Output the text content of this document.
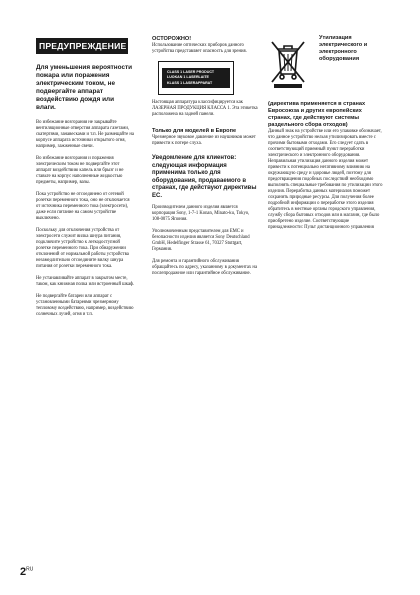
ПРЕДУПРЕЖДЕНИЕ

Для уменьшения вероятности пожара или поражения электрическим током, не подвергайте аппарат воздействию дождя или влаги.

Во избежание возгорания не закрывайте вентиляционные отверстия аппарата газетами, скатертями, занавесками и т.п. Не размещайте на корпусе аппарата источники открытого огня, например, зажженные свечи.

Во избежание возгорания и поражения электрическим током не подвергайте этот аппарат воздействию капель или брызг и не ставьте на корпус наполненные жидкостью предметы, например, вазы.

Пока устройство не отсоединено от сетевой розетки переменного тока, оно не отключается от источника переменного тока (электросети), даже если питание на самом устройстве выключено.

Поскольку для отключения устройства от электросети служит вилка шнура питания, подключите устройство к легкодоступной розетке переменного тока. При обнаружении отклонений от нормальной работы устройства незамедлительно отсоедините вилку шнура питания от розетки переменного тока.

Не устанавливайте аппарат в закрытом месте, таком, как книжная полка или встроенный шкаф.

Не подвергайте батареи или аппарат с установленными батареями чрезмерному тепловому воздействию, например, воздействию солнечных лучей, огня и т.п.

ОСТОРОЖНО!

Использование оптических приборов данного устройства представляет опасность для зрения.

CLASS 1 LASER PRODUCT
LUOKAN 1 LASERLAITE
KLASS 1 LASERAPPARAT

Настоящая аппаратура классифицируется как ЛАЗЕРНАЯ ПРОДУКЦИЯ КЛАССА 1. Эта этикетка расположена на задней панели.

Только для моделей в Европе

Чрезмерное звуковое давление из наушников может привести к потере слуха.

Уведомление для клиентов: следующая информация применима только для оборудования, продаваемого в странах, где действуют директивы ЕС.

Производителем данного изделия является корпорация Sony, 1-7-1 Konan, Minato-ku, Tokyo, 108-0075 Япония.

Уполномоченным представителем для EMC и безопасности изделия является Sony Deutschland GmbH, Hedelfinger Strasse 61, 70327 Stuttgart, Германия.

Для ремонта и гарантийного обслуживания обращайтесь по адресу, указанному в документах на послепродажное или гарантийное обслуживание.

Утилизация электрического и электронного оборудования

(директива применяется в странах Евросоюза и других европейских странах, где действуют системы раздельного сбора отходов)

Данный знак на устройстве или его упаковке обозначает, что данное устройство нельзя утилизировать вместе с прочими бытовыми отходами. Его следует сдать в соответствующий приемный пункт переработки электрического и электронного оборудования. Неправильная утилизация данного изделия может привести к потенциально негативному влиянию на окружающую среду и здоровье людей, поэтому для предотвращения подобных последствий необходимо выполнять специальные требования по утилизации этого изделия. Переработка данных материалов поможет сохранить природные ресурсы. Для получения более подробной информации о переработке этого изделия обратитесь в местные органы городского управления, службу сбора бытовых отходов или в магазин, где было приобретено изделие. Соответствующие принадлежности: Пульт дистанционного управления

$2^{RU}$
